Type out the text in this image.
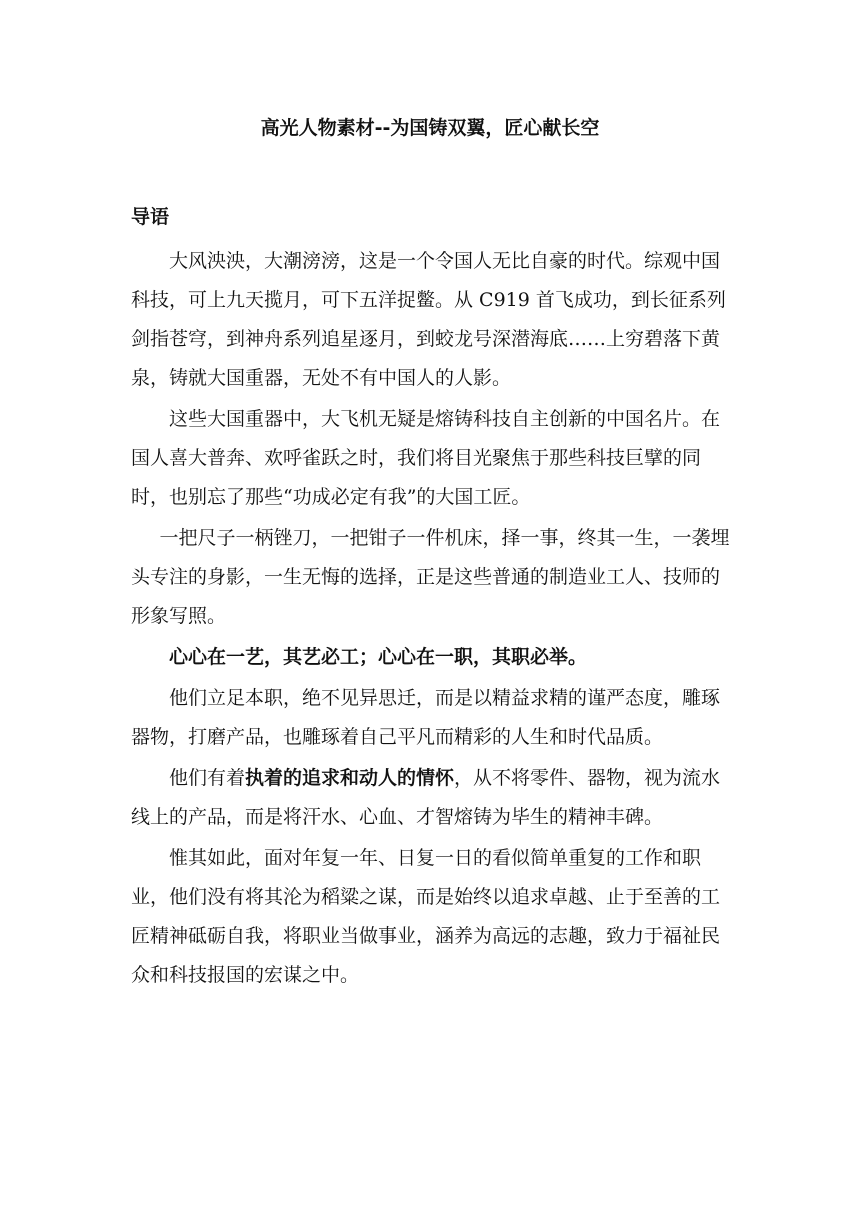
高光人物素材--为国铸双翼，匠心献长空
导语

大风泱泱，大潮滂滂，这是一个令国人无比自豪的时代。综观中国科技，可上九天揽月，可下五洋捉鳖。从 C919 首飞成功，到长征系列剑指苍穹，到神舟系列追星逐月，到蛟龙号深潜海底……上穷碧落下黄泉，铸就大国重器，无处不有中国人的人影。

这些大国重器中，大飞机无疑是熔铸科技自主创新的中国名片。在国人喜大普奔、欢呼雀跃之时，我们将目光聚焦于那些科技巨擘的同时，也别忘了那些“功成必定有我”的大国工匠。

一把尺子一柄锉刀，一把钳子一件机床，择一事，终其一生，一袭埋头专注的身影，一生无悔的选择，正是这些普通的制造业工人、技师的形象写照。

心心在一艺，其艺必工；心心在一职，其职必举。

他们立足本职，绝不见异思迁，而是以精益求精的谨严态度，雕琢器物，打磨产品，也雕琢着自己平凡而精彩的人生和时代品质。

他们有着执着的追求和动人的情怀，从不将零件、器物，视为流水线上的产品，而是将汗水、心血、才智熔铸为毕生的精神丰碑。

惟其如此，面对年复一年、日复一日的看似简单重复的工作和职业，他们没有将其沦为稻粱之谋，而是始终以追求卓越、止于至善的工匠精神砥砺自我，将职业当做事业，涵养为高远的志趣，致力于福祉民众和科技报国的宏谋之中。
